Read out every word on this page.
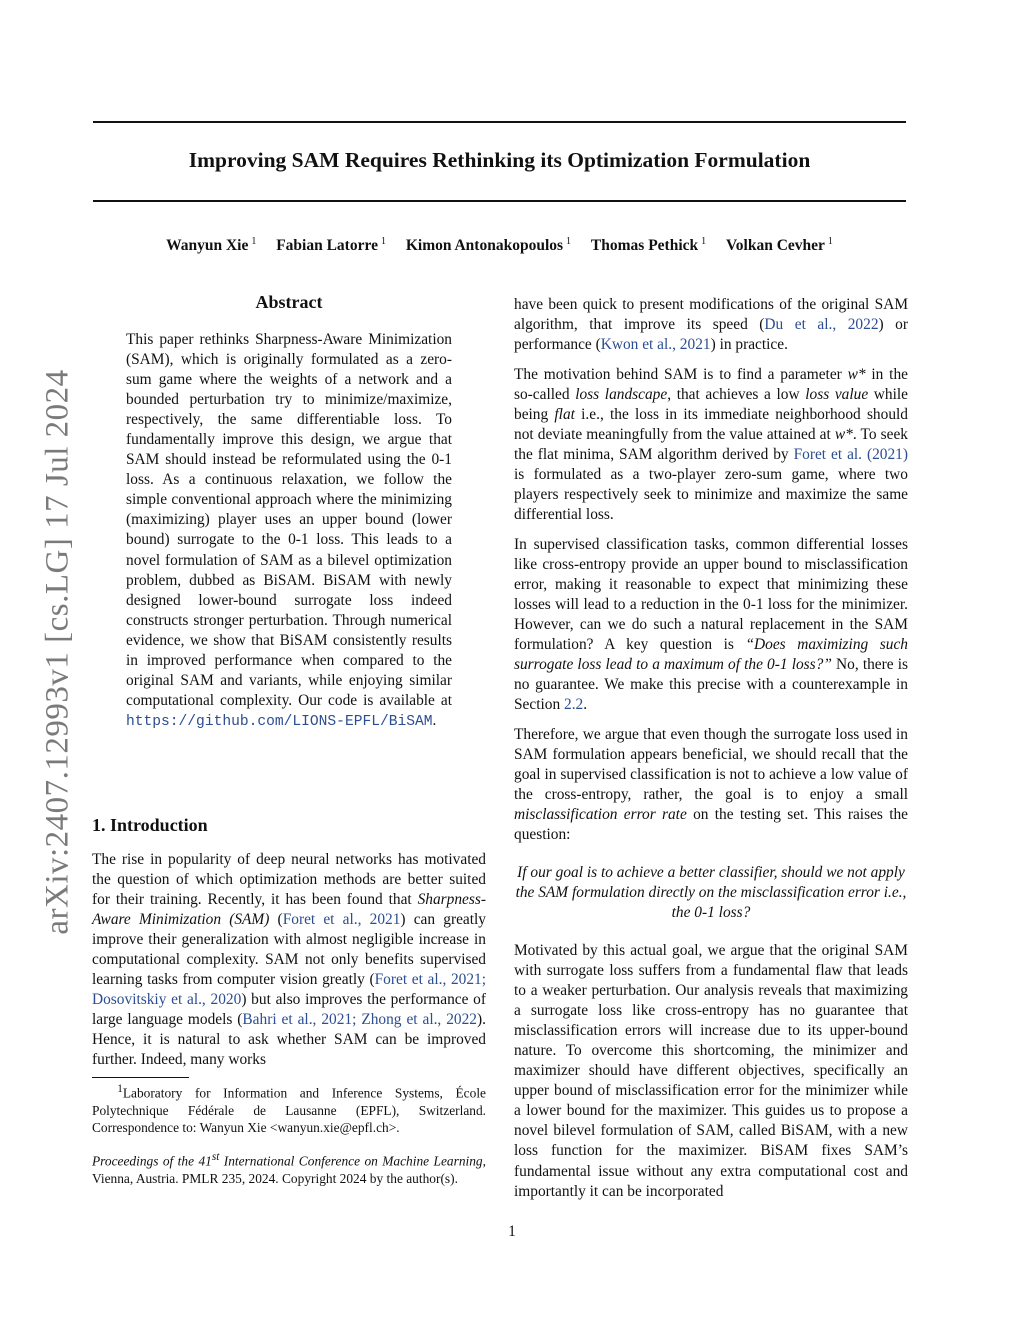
arXiv:2407.12993v1 [cs.LG] 17 Jul 2024
Improving SAM Requires Rethinking its Optimization Formulation
Wanyun Xie $^1$ Fabian Latorre $^1$ Kimon Antonakopoulos $^1$ Thomas Pethick $^1$ Volkan Cevher $^1$
Abstract

This paper rethinks Sharpness-Aware Minimization (SAM), which is originally formulated as a zero-sum game where the weights of a network and a bounded perturbation try to minimize/maximize, respectively, the same differentiable loss. To fundamentally improve this design, we argue that SAM should instead be reformulated using the 0-1 loss. As a continuous relaxation, we follow the simple conventional approach where the minimizing (maximizing) player uses an upper bound (lower bound) surrogate to the 0-1 loss. This leads to a novel formulation of SAM as a bilevel optimization problem, dubbed as BiSAM. BiSAM with newly designed lower-bound surrogate loss indeed constructs stronger perturbation. Through numerical evidence, we show that BiSAM consistently results in improved performance when compared to the original SAM and variants, while enjoying similar computational complexity. Our code is available at https://github.com/LIONS-EPFL/BiSAM.

1. Introduction

The rise in popularity of deep neural networks has motivated the question of which optimization methods are better suited for their training. Recently, it has been found that Sharpness-Aware Minimization (SAM) (Foret et al., 2021) can greatly improve their generalization with almost negligible increase in computational complexity. SAM not only benefits supervised learning tasks from computer vision greatly (Foret et al., 2021; Dosovitskiy et al., 2020) but also improves the performance of large language models (Bahri et al., 2021; Zhong et al., 2022). Hence, it is natural to ask whether SAM can be improved further. Indeed, many works

$^1$Laboratory for Information and Inference Systems, École Polytechnique Fédérale de Lausanne (EPFL), Switzerland. Correspondence to: Wanyun Xie <wanyun.xie@epfl.ch>.

Proceedings of the 41st International Conference on Machine Learning, Vienna, Austria. PMLR 235, 2024. Copyright 2024 by the author(s).

have been quick to present modifications of the original SAM algorithm, that improve its speed (Du et al., 2022) or performance (Kwon et al., 2021) in practice.

The motivation behind SAM is to find a parameter w* in the so-called loss landscape, that achieves a low loss value while being flat i.e., the loss in its immediate neighborhood should not deviate meaningfully from the value attained at w*. To seek the flat minima, SAM algorithm derived by Foret et al. (2021) is formulated as a two-player zero-sum game, where two players respectively seek to minimize and maximize the same differential loss.

In supervised classification tasks, common differential losses like cross-entropy provide an upper bound to misclassification error, making it reasonable to expect that minimizing these losses will lead to a reduction in the 0-1 loss for the minimizer. However, can we do such a natural replacement in the SAM formulation? A key question is “Does maximizing such surrogate loss lead to a maximum of the 0-1 loss?” No, there is no guarantee. We make this precise with a counterexample in Section 2.2.

Therefore, we argue that even though the surrogate loss used in SAM formulation appears beneficial, we should recall that the goal in supervised classification is not to achieve a low value of the cross-entropy, rather, the goal is to enjoy a small misclassification error rate on the testing set. This raises the question:

If our goal is to achieve a better classifier, should we not apply the SAM formulation directly on the misclassification error i.e., the 0-1 loss?

Motivated by this actual goal, we argue that the original SAM with surrogate loss suffers from a fundamental flaw that leads to a weaker perturbation. Our analysis reveals that maximizing a surrogate loss like cross-entropy has no guarantee that misclassification errors will increase due to its upper-bound nature. To overcome this shortcoming, the minimizer and maximizer should have different objectives, specifically an upper bound of misclassification error for the minimizer while a lower bound for the maximizer. This guides us to propose a novel bilevel formulation of SAM, called BiSAM, with a new loss function for the maximizer. BiSAM fixes SAM’s fundamental issue without any extra computational cost and importantly it can be incorporated

1
